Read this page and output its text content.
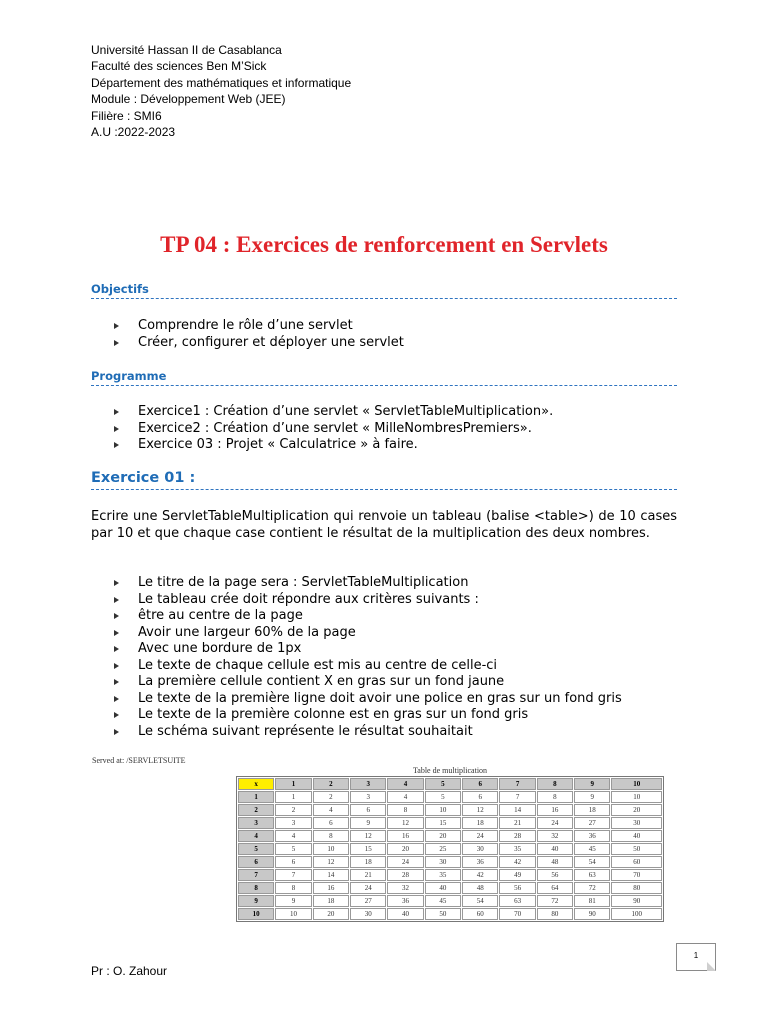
Université Hassan II de Casablanca
Faculté des sciences Ben M’Sick
Département des mathématiques et informatique
Module : Développement Web (JEE)
Filière : SMI6
A.U :2022-2023
TP 04 : Exercices de renforcement en Servlets
Objectifs
Comprendre le rôle d’une servlet
Créer, configurer et déployer une servlet
Programme
Exercice1 : Création d’une servlet « ServletTableMultiplication».
Exercice2 : Création d’une servlet « MilleNombresPremiers».
Exercice 03 : Projet « Calculatrice » à faire.
Exercice 01 :

Ecrire une ServletTableMultiplication qui renvoie un tableau (balise <table>) de 10 cases par 10 et que chaque case contient le résultat de la multiplication des deux nombres.

Le titre de la page sera : ServletTableMultiplication
Le tableau crée doit répondre aux critères suivants :
être au centre de la page
Avoir une largeur 60% de la page
Avec une bordure de 1px
Le texte de chaque cellule est mis au centre de celle-ci
La première cellule contient X en gras sur un fond jaune
Le texte de la première ligne doit avoir une police en gras sur un fond gris
Le texte de la première colonne est en gras sur un fond gris
Le schéma suivant représente le résultat souhaitait
Served at: /SERVLETSUITE
Table de multiplication
x	1	2	3	4	5	6	7	8	9	10
1	1	2	3	4	5	6	7	8	9	10
2	2	4	6	8	10	12	14	16	18	20
3	3	6	9	12	15	18	21	24	27	30
4	4	8	12	16	20	24	28	32	36	40
5	5	10	15	20	25	30	35	40	45	50
6	6	12	18	24	30	36	42	48	54	60
7	7	14	21	28	35	42	49	56	63	70
8	8	16	24	32	40	48	56	64	72	80
9	9	18	27	36	45	54	63	72	81	90
10	10	20	30	40	50	60	70	80	90	100
Pr : O. Zahour
1
